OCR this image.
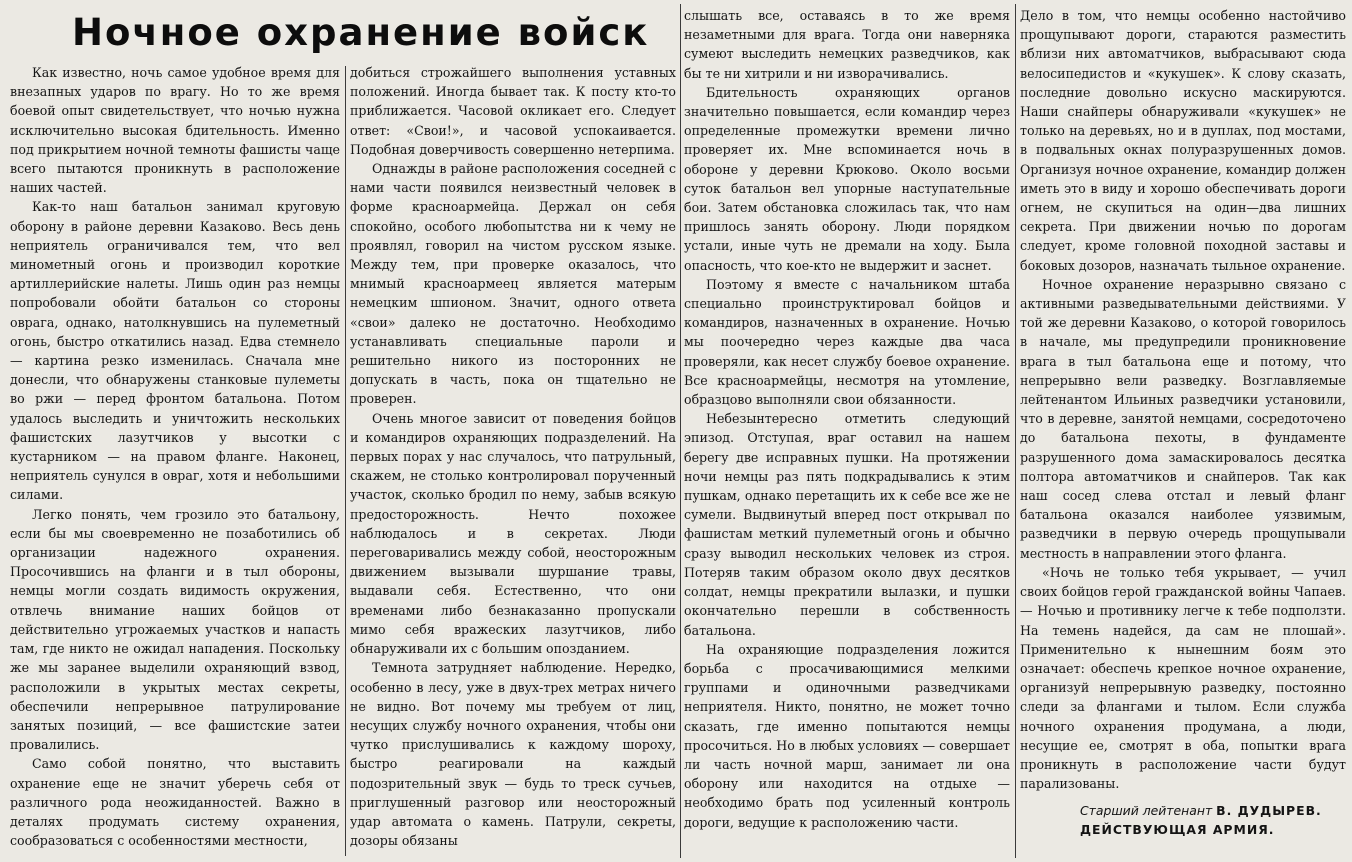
Ночное охранение войск

Как известно, ночь самое удобное время для внезапных ударов по врагу. Но то же время боевой опыт свидетельствует, что ночью нужна исключительно высокая бдительность. Именно под прикрытием ночной темноты фашисты чаще всего пытаются проникнуть в расположение наших частей.

Как-то наш батальон занимал круговую оборону в районе деревни Казаково. Весь день неприятель ограничивался тем, что вел минометный огонь и производил короткие артиллерийские налеты. Лишь один раз немцы попробовали обойти батальон со стороны оврага, однако, натолкнувшись на пулеметный огонь, быстро откатились назад. Едва стемнело — картина резко изменилась. Сначала мне донесли, что обнаружены станковые пулеметы во ржи — перед фронтом батальона. Потом удалось выследить и уничтожить нескольких фашистских лазутчиков у высотки с кустарником — на правом фланге. Наконец, неприятель сунулся в овраг, хотя и небольшими силами.

Легко понять, чем грозило это батальону, если бы мы своевременно не позаботились об организации надежного охранения. Просочившись на фланги и в тыл обороны, немцы могли создать видимость окружения, отвлечь внимание наших бойцов от действительно угрожаемых участков и напасть там, где никто не ожидал нападения. Поскольку же мы заранее выделили охраняющий взвод, расположили в укрытых местах секреты, обеспечили непрерывное патрулирование занятых позиций, — все фашистские затеи провалились.

Само собой понятно, что выставить охранение еще не значит уберечь себя от различного рода неожиданностей. Важно в деталях продумать систему охранения, сообразоваться с особенностями местности,

добиться строжайшего выполнения уставных положений. Иногда бывает так. К посту кто-то приближается. Часовой окликает его. Следует ответ: «Свои!», и часовой успокаивается. Подобная доверчивость совершенно нетерпима.

Однажды в районе расположения соседней с нами части появился неизвестный человек в форме красноармейца. Держал он себя спокойно, особого любопытства ни к чему не проявлял, говорил на чистом русском языке. Между тем, при проверке оказалось, что мнимый красноармеец является матерым немецким шпионом. Значит, одного ответа «свои» далеко не достаточно. Необходимо устанавливать специальные пароли и решительно никого из посторонних не допускать в часть, пока он тщательно не проверен.

Очень многое зависит от поведения бойцов и командиров охраняющих подразделений. На первых порах у нас случалось, что патрульный, скажем, не столько контролировал порученный участок, сколько бродил по нему, забыв всякую предосторожность. Нечто похожее наблюдалось и в секретах. Люди переговаривались между собой, неосторожным движением вызывали шуршание травы, выдавали себя. Естественно, что они временами либо безнаказанно пропускали мимо себя вражеских лазутчиков, либо обнаруживали их с большим опозданием.

Темнота затрудняет наблюдение. Нередко, особенно в лесу, уже в двух-трех метрах ничего не видно. Вот почему мы требуем от лиц, несущих службу ночного охранения, чтобы они чутко прислушивались к каждому шороху, быстро реагировали на каждый подозрительный звук — будь то треск сучьев, приглушенный разговор или неосторожный удар автомата о камень. Патрули, секреты, дозоры обязаны

слышать все, оставаясь в то же время незаметными для врага. Тогда они наверняка сумеют выследить немецких разведчиков, как бы те ни хитрили и ни изворачивались.

Бдительность охраняющих органов значительно повышается, если командир через определенные промежутки времени лично проверяет их. Мне вспоминается ночь в обороне у деревни Крюково. Около восьми суток батальон вел упорные наступательные бои. Затем обстановка сложилась так, что нам пришлось занять оборону. Люди порядком устали, иные чуть не дремали на ходу. Была опасность, что кое-кто не выдержит и заснет.

Поэтому я вместе с начальником штаба специально проинструктировал бойцов и командиров, назначенных в охранение. Ночью мы поочередно через каждые два часа проверяли, как несет службу боевое охранение. Все красноармейцы, несмотря на утомление, образцово выполняли свои обязанности.

Небезынтересно отметить следующий эпизод. Отступая, враг оставил на нашем берегу две исправных пушки. На протяжении ночи немцы раз пять подкрадывались к этим пушкам, однако перетащить их к себе все же не сумели. Выдвинутый вперед пост открывал по фашистам меткий пулеметный огонь и обычно сразу выводил нескольких человек из строя. Потеряв таким образом около двух десятков солдат, немцы прекратили вылазки, и пушки окончательно перешли в собственность батальона.

На охраняющие подразделения ложится борьба с просачивающимися мелкими группами и одиночными разведчиками неприятеля. Никто, понятно, не может точно сказать, где именно попытаются немцы просочиться. Но в любых условиях — совершает ли часть ночной марш, занимает ли она оборону или находится на отдыхе — необходимо брать под усиленный контроль дороги, ведущие к расположению части.

Дело в том, что немцы особенно настойчиво прощупывают дороги, стараются разместить вблизи них автоматчиков, выбрасывают сюда велосипедистов и «кукушек». К слову сказать, последние довольно искусно маскируются. Наши снайперы обнаруживали «кукушек» не только на деревьях, но и в дуплах, под мостами, в подвальных окнах полуразрушенных домов. Организуя ночное охранение, командир должен иметь это в виду и хорошо обеспечивать дороги огнем, не скупиться на один—два лишних секрета. При движении ночью по дорогам следует, кроме головной походной заставы и боковых дозоров, назначать тыльное охранение.

Ночное охранение неразрывно связано с активными разведывательными действиями. У той же деревни Казаково, о которой говорилось в начале, мы предупредили проникновение врага в тыл батальона еще и потому, что непрерывно вели разведку. Возглавляемые лейтенантом Ильиных разведчики установили, что в деревне, занятой немцами, сосредоточено до батальона пехоты, в фундаменте разрушенного дома замаскировалось десятка полтора автоматчиков и снайперов. Так как наш сосед слева отстал и левый фланг батальона оказался наиболее уязвимым, разведчики в первую очередь прощупывали местность в направлении этого фланга.

«Ночь не только тебя укрывает, — учил своих бойцов герой гражданской войны Чапаев. — Ночью и противнику легче к тебе подползти. На темень надейся, да сам не плошай». Применительно к нынешним боям это означает: обеспечь крепкое ночное охранение, организуй непрерывную разведку, постоянно следи за флангами и тылом. Если служба ночного охранения продумана, а люди, несущие ее, смотрят в оба, попытки врага проникнуть в расположение части будут парализованы.

Старший лейтенант В. ДУДЫРЕВ.
ДЕЙСТВУЮЩАЯ АРМИЯ.
